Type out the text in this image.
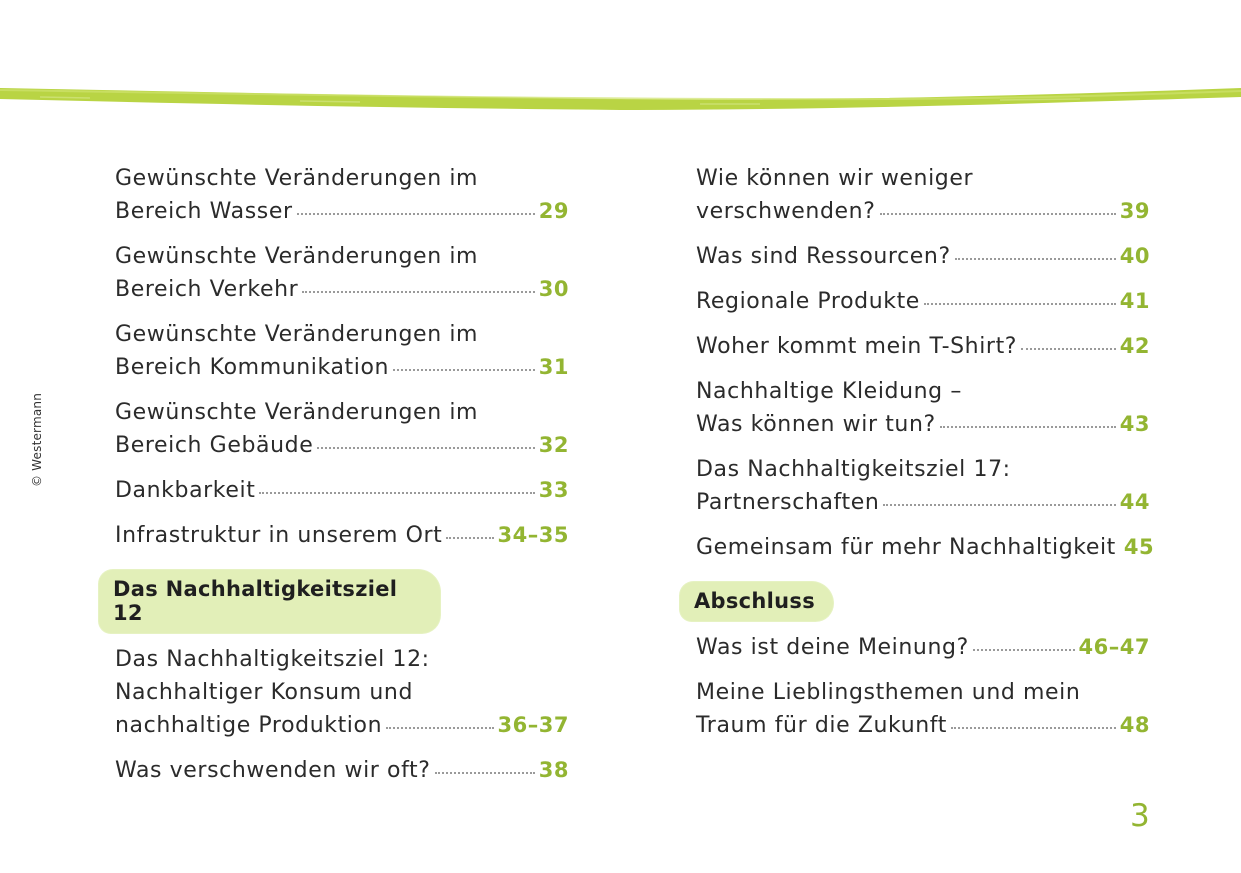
© Westermann
Gewünschte Veränderungen im
Bereich Wasser	29
Gewünschte Veränderungen im
Bereich Verkehr	30
Gewünschte Veränderungen im
Bereich Kommunikation	31
Gewünschte Veränderungen im
Bereich Gebäude	32
Dankbarkeit	33
Infrastruktur in unserem Ort	34–35
Das Nachhaltigkeitsziel 12
Das Nachhaltigkeitsziel 12:
Nachhaltiger Konsum und
nachhaltige Produktion	36–37
Was verschwenden wir oft?	38
Wie können wir weniger
verschwenden?	39
Was sind Ressourcen?	40
Regionale Produkte	41
Woher kommt mein T-Shirt?	42
Nachhaltige Kleidung –
Was können wir tun?	43
Das Nachhaltigkeitsziel 17:
Partnerschaften	44
Gemeinsam für mehr Nachhaltigkeit 45
Abschluss
Was ist deine Meinung?	46–47
Meine Lieblingsthemen und mein
Traum für die Zukunft	48
3
